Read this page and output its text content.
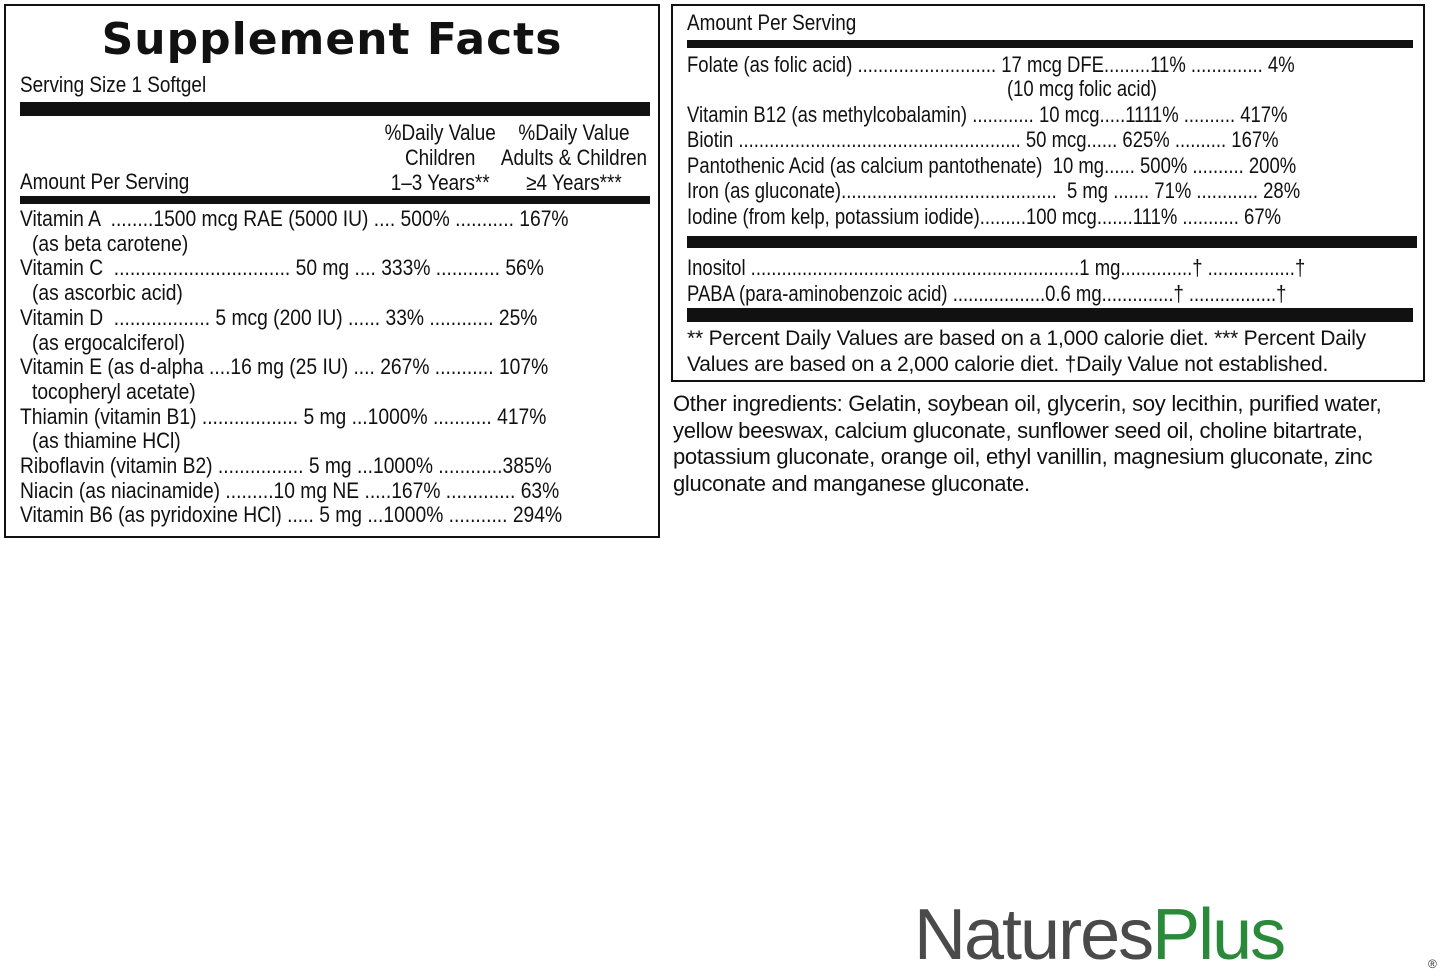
Supplement Facts
Serving Size 1 Softgel
%Daily Value
Children
1–3 Years**
%Daily Value
Adults & Children
≥4 Years***
Amount Per Serving
Vitamin A  ........1500 mcg RAE (5000 IU) .... 500% ........... 167%
(as beta carotene)
Vitamin C  ................................. 50 mg .... 333% ............ 56%
(as ascorbic acid)
Vitamin D  .................. 5 mcg (200 IU) ...... 33% ............ 25%
(as ergocalciferol)
Vitamin E (as d-alpha ....16 mg (25 IU) .... 267% ........... 107%
tocopheryl acetate)
Thiamin (vitamin B1) .................. 5 mg ...1000% ........... 417%
(as thiamine HCl)
Riboflavin (vitamin B2) ................ 5 mg ...1000% ............385%
Niacin (as niacinamide) .........10 mg NE .....167% ............. 63%
Vitamin B6 (as pyridoxine HCl) ..... 5 mg ...1000% ........... 294%
Amount Per Serving
Folate (as folic acid) ........................... 17 mcg DFE.........11% .............. 4%
(10 mcg folic acid)
Vitamin B12 (as methylcobalamin) ............ 10 mcg.....1111% .......... 417%
Biotin ....................................................... 50 mcg...... 625% .......... 167%
Pantothenic Acid (as calcium pantothenate)  10 mg...... 500% .......... 200%
Iron (as gluconate)..........................................  5 mg ....... 71% ............ 28%
Iodine (from kelp, potassium iodide).........100 mcg.......111% ........... 67%
Inositol ................................................................1 mg..............† .................†
PABA (para-aminobenzoic acid) ..................0.6 mg..............† .................†
** Percent Daily Values are based on a 1,000 calorie diet. *** Percent Daily Values are based on a 2,000 calorie diet. †Daily Value not established.
Other ingredients: Gelatin, soybean oil, glycerin, soy lecithin, purified water, yellow beeswax, calcium gluconate, sunflower seed oil, choline bitartrate, potassium gluconate, orange oil, ethyl vanillin, magnesium gluconate, zinc gluconate and manganese gluconate.
NaturesPlus	®
